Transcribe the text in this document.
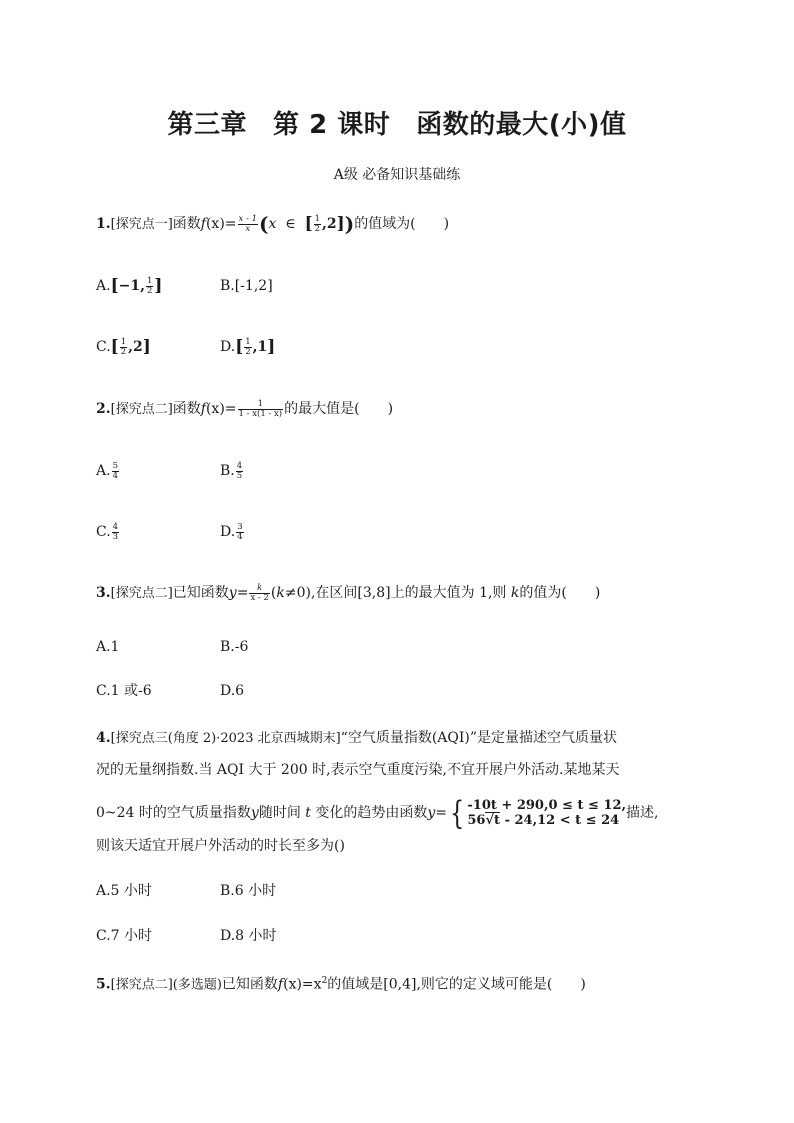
第三章 第 2 课时 函数的最大(小)值
A级 必备知识基础练
1.[探究点一]函数$f(x)= \frac{x - 1}{x} (x$ ∈ [ $\frac{1}{2} ,2$])的值域为( )
A.[−1, $\frac{1}{2}$ ]	B.[-1,2]
$C.[ \frac{1}{2} ,2]$	$D.[ \frac{1}{2} ,1]$
2.[探究点二]函数$f(x)= \frac{1}{1 - x(1 - x)}$ 的最大值是( )
A. $\frac{5}{4}$	B. $\frac{4}{5}$
C. $\frac{4}{3}$	D. $\frac{3}{4}$
3.[探究点二]已知函数$y= \frac{k}{x - 2} (k\ne 0)$,在区间[3,8]上的最大值为 1,则 k的值为( )
A.1	B.-6
C.1 或-6	D.6
4.[探究点三(角度 2)·2023 北京西城期末]“空气质量指数(AQI)”是定量描述空气质量状
况的无量纲指数.当 AQI 大于 200 时,表示空气重度污染,不宜开展户外活动.某地某天
0~24 时的空气质量指数y随时间 t 变化的趋势由函数y={ -10t + 290,0 ≤ t ≤ 12,
56√t - 24,12 < t ≤ 24 描述,
则该天适宜开展户外活动的时长至多为()
A.5 小时	B.6 小时
C.7 小时	D.8 小时
5.[探究点二](多选题)已知函数$f(x)=x^2$的值域是[0,4],则它的定义域可能是( )
